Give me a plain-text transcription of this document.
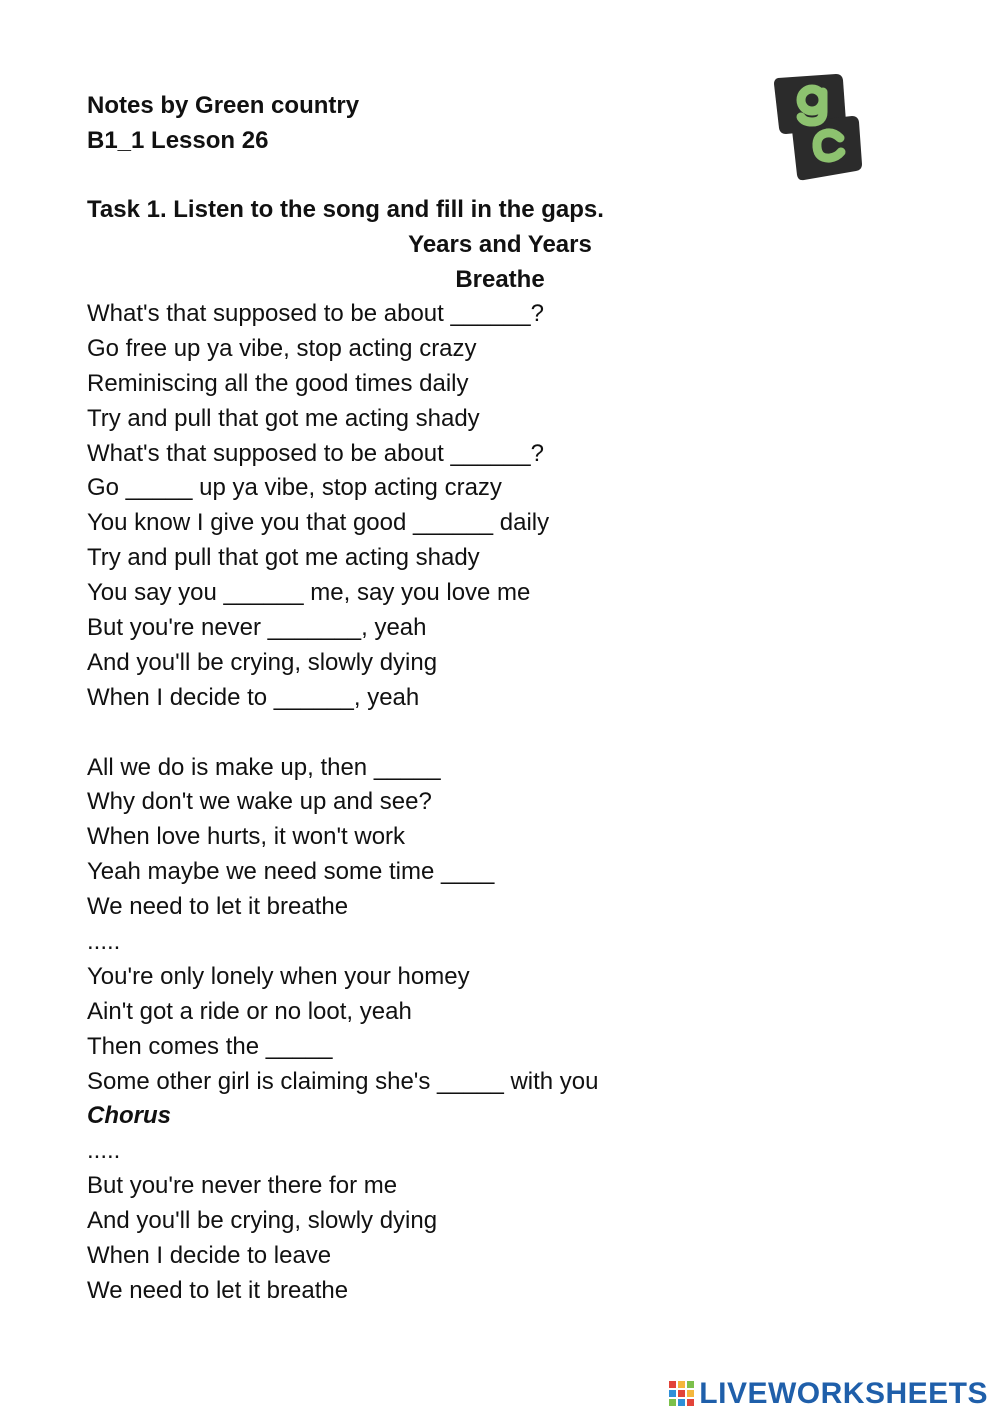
Notes by Green country
B1_1 Lesson 26
Task 1. Listen to the song and fill in the gaps.
Years and Years
Breathe
What's that supposed to be about ______?
Go free up ya vibe, stop acting crazy
Reminiscing all the good times daily
Try and pull that got me acting shady
What's that supposed to be about ______?
Go _____ up ya vibe, stop acting crazy
You know I give you that good ______ daily
Try and pull that got me acting shady
You say you ______ me, say you love me
But you're never _______, yeah
And you'll be crying, slowly dying
When I decide to ______, yeah
All we do is make up, then _____
Why don't we wake up and see?
When love hurts, it won't work
Yeah maybe we need some time ____
We need to let it breathe
.....
You're only lonely when your homey
Ain't got a ride or no loot, yeah
Then comes the _____
Some other girl is claiming she's _____ with you
Chorus
.....
But you're never there for me
And you'll be crying, slowly dying
When I decide to leave
We need to let it breathe
LIVEWORKSHEETS
